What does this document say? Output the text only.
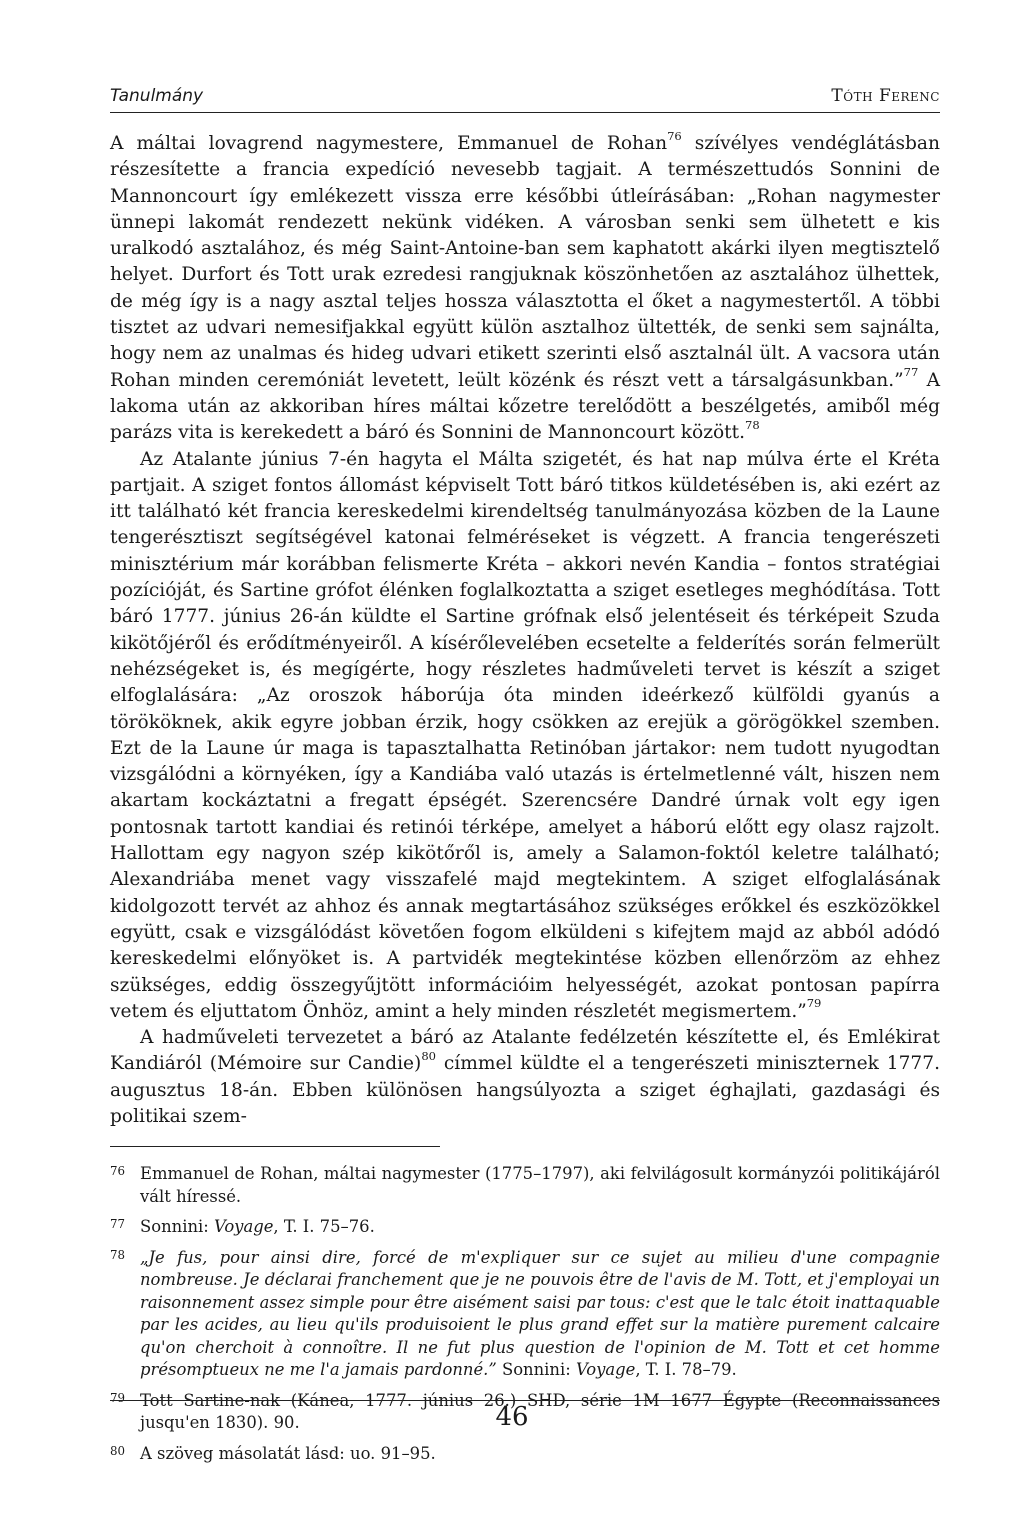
Tanulmány	Tóth Ferenc

A máltai lovagrend nagymestere, Emmanuel de Rohan$^{76}$ szívélyes vendéglátásban részesítette a francia expedíció nevesebb tagjait. A természettudós Sonnini de Mannoncourt így emlékezett vissza erre későbbi útleírásában: „Rohan nagymester ünnepi lakomát rendezett nekünk vidéken. A városban senki sem ülhetett e kis uralkodó asztalához, és még Saint-Antoine-ban sem kaphatott akárki ilyen megtisztelő helyet. Durfort és Tott urak ezredesi rangjuknak köszönhetően az asztalához ülhettek, de még így is a nagy asztal teljes hossza választotta el őket a nagymestertől. A többi tisztet az udvari nemesifjakkal együtt külön asztalhoz ültették, de senki sem sajnálta, hogy nem az unalmas és hideg udvari etikett szerinti első asztalnál ült. A vacsora után Rohan minden ceremóniát levetett, leült közénk és részt vett a társalgásunkban.”$^{77}$ A lakoma után az akkoriban híres máltai kőzetre terelődött a beszélgetés, amiből még parázs vita is kerekedett a báró és Sonnini de Mannoncourt között.$^{78}$

Az Atalante június 7-én hagyta el Málta szigetét, és hat nap múlva érte el Kréta partjait. A sziget fontos állomást képviselt Tott báró titkos küldetésében is, aki ezért az itt található két francia kereskedelmi kirendeltség tanulmányozása közben de la Laune tengerésztiszt segítségével katonai felméréseket is végzett. A francia tengerészeti minisztérium már korábban felismerte Kréta – akkori nevén Kandia – fontos stratégiai pozícióját, és Sartine grófot élénken foglalkoztatta a sziget esetleges meghódítása. Tott báró 1777. június 26-án küldte el Sartine grófnak első jelentéseit és térképeit Szuda kikötőjéről és erődítményeiről. A kísérőlevelében ecsetelte a felderítés során felmerült nehézségeket is, és megígérte, hogy részletes hadműveleti tervet is készít a sziget elfoglalására: „Az oroszok háborúja óta minden ideérkező külföldi gyanús a törököknek, akik egyre jobban érzik, hogy csökken az erejük a görögökkel szemben. Ezt de la Laune úr maga is tapasztalhatta Retinóban jártakor: nem tudott nyugodtan vizsgálódni a környéken, így a Kandiába való utazás is értelmetlenné vált, hiszen nem akartam kockáztatni a fregatt épségét. Szerencsére Dandré úrnak volt egy igen pontosnak tartott kandiai és retinói térképe, amelyet a háború előtt egy olasz rajzolt. Hallottam egy nagyon szép kikötőről is, amely a Salamon-foktól keletre található; Alexandriába menet vagy visszafelé majd megtekintem. A sziget elfoglalásának kidolgozott tervét az ahhoz és annak megtartásához szükséges erőkkel és eszközökkel együtt, csak e vizsgálódást követően fogom elküldeni s kifejtem majd az abból adódó kereskedelmi előnyöket is. A partvidék megtekintése közben ellenőrzöm az ehhez szükséges, eddig összegyűjtött információim helyességét, azokat pontosan papírra vetem és eljuttatom Önhöz, amint a hely minden részletét megismertem.”$^{79}$

A hadműveleti tervezetet a báró az Atalante fedélzetén készítette el, és Emlékirat Kandiáról (Mémoire sur Candie)$^{80}$ címmel küldte el a tengerészeti miniszternek 1777. augusztus 18-án. Ebben különösen hangsúlyozta a sziget éghajlati, gazdasági és politikai szem-

76 Emmanuel de Rohan, máltai nagymester (1775–1797), aki felvilágosult kormányzói politikájáról vált híressé.
77 Sonnini: Voyage, T. I. 75–76.
78 „Je fus, pour ainsi dire, forcé de m'expliquer sur ce sujet au milieu d'une compagnie nombreuse. Je déclarai franchement que je ne pouvois être de l'avis de M. Tott, et j'employai un raisonnement assez simple pour être aisément saisi par tous: c'est que le talc étoit inattaquable par les acides, au lieu qu'ils produisoient le plus grand effet sur la matière purement calcaire qu'on cherchoit à connoître. Il ne fut plus question de l'opinion de M. Tott et cet homme présomptueux ne me l'a jamais pardonné.” Sonnini: Voyage, T. I. 78–79.
79 Tott Sartine-nak (Kánea, 1777. június 26.) SHD, série 1M 1677 Égypte (Reconnaissances jusqu'en 1830). 90.
80 A szöveg másolatát lásd: uo. 91–95.
46
